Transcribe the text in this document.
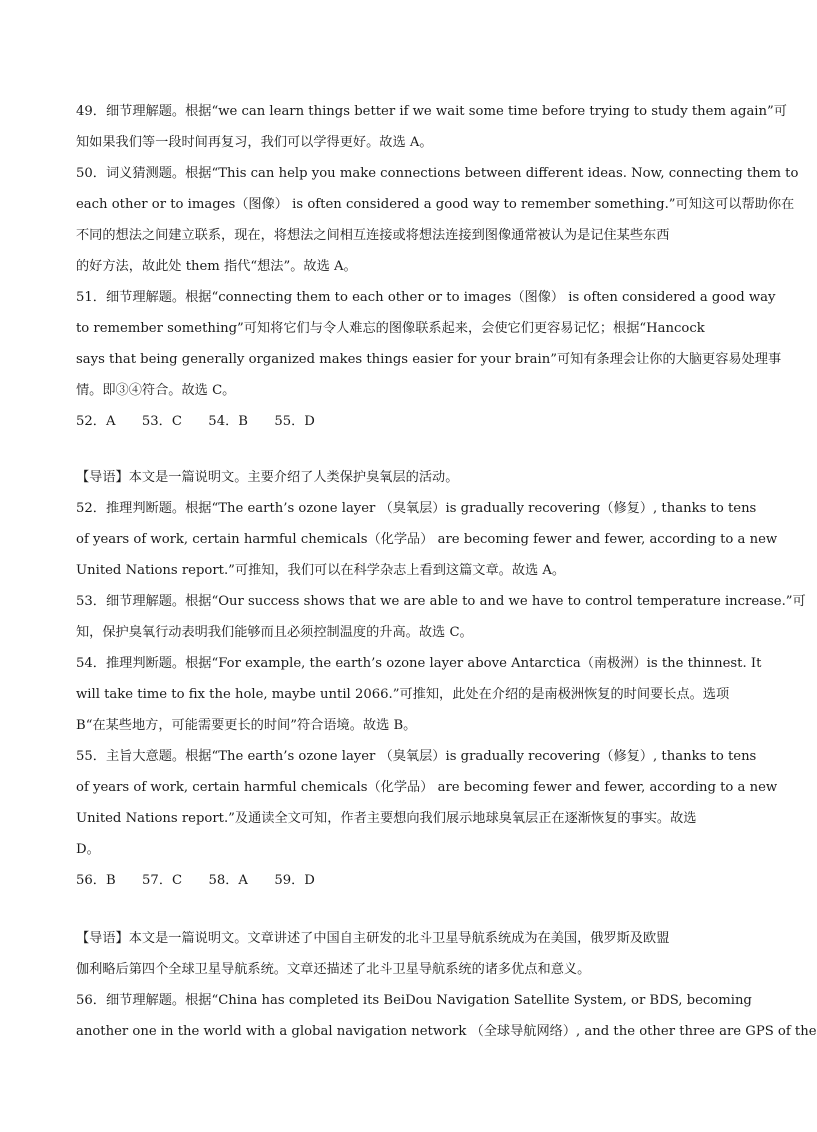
49．细节理解题。根据“we can learn things better if we wait some time before trying to study them again”可
知如果我们等一段时间再复习，我们可以学得更好。故选 A。
50．词义猜测题。根据“This can help you make connections between different ideas. Now, connecting them to
each other or to images（图像） is often considered a good way to remember something.”可知这可以帮助你在
不同的想法之间建立联系，现在，将想法之间相互连接或将想法连接到图像通常被认为是记住某些东西
的好方法，故此处 them 指代“想法”。故选 A。
51．细节理解题。根据“connecting them to each other or to images（图像） is often considered a good way
to remember something”可知将它们与令人难忘的图像联系起来，会使它们更容易记忆；根据“Hancock
says that being generally organized makes things easier for your brain”可知有条理会让你的大脑更容易处理事
情。即③④符合。故选 C。
52．A　　53．C　　54．B　　55．D
【导语】本文是一篇说明文。主要介绍了人类保护臭氧层的活动。
52．推理判断题。根据“The earth’s ozone layer （臭氧层）is gradually recovering（修复）, thanks to tens
of years of work, certain harmful chemicals（化学品） are becoming fewer and fewer, according to a new
United Nations report.”可推知，我们可以在科学杂志上看到这篇文章。故选 A。
53．细节理解题。根据“Our success shows that we are able to and we have to control temperature increase.”可
知，保护臭氧行动表明我们能够而且必须控制温度的升高。故选 C。
54．推理判断题。根据“For example, the earth’s ozone layer above Antarctica（南极洲）is the thinnest. It
will take time to fix the hole, maybe until 2066.”可推知，此处在介绍的是南极洲恢复的时间要长点。选项
B“在某些地方，可能需要更长的时间”符合语境。故选 B。
55．主旨大意题。根据“The earth’s ozone layer （臭氧层）is gradually recovering（修复）, thanks to tens
of years of work, certain harmful chemicals（化学品） are becoming fewer and fewer, according to a new
United Nations report.”及通读全文可知，作者主要想向我们展示地球臭氧层正在逐渐恢复的事实。故选
D。
56．B　　57．C　　58．A　　59．D
【导语】本文是一篇说明文。文章讲述了中国自主研发的北斗卫星导航系统成为在美国，俄罗斯及欧盟
伽利略后第四个全球卫星导航系统。文章还描述了北斗卫星导航系统的诸多优点和意义。
56．细节理解题。根据“China has completed its BeiDou Navigation Satellite System, or BDS, becoming
another one in the world with a global navigation network （全球导航网络）, and the other three are GPS of the
